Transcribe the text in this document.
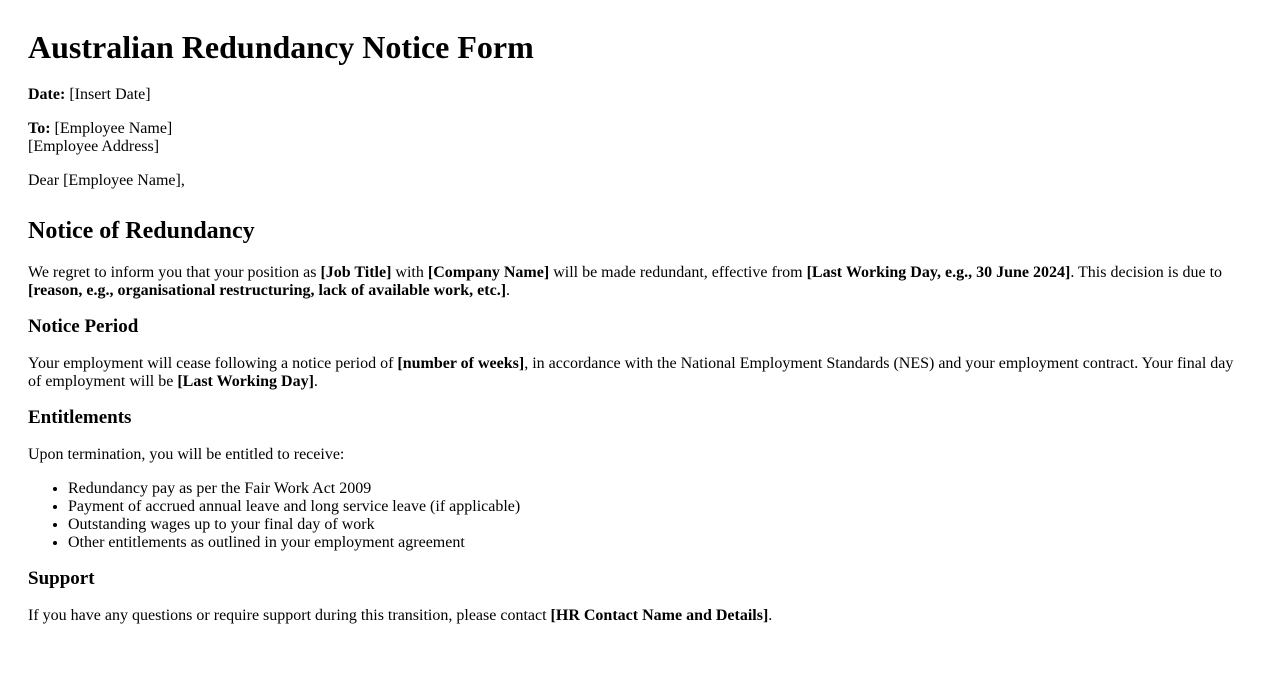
Australian Redundancy Notice Form

Date: [Insert Date]

To: [Employee Name]
[Employee Address]

Dear [Employee Name],

Notice of Redundancy

We regret to inform you that your position as [Job Title] with [Company Name] will be made redundant, effective from [Last Working Day, e.g., 30 June 2024]. This decision is due to [reason, e.g., organisational restructuring, lack of available work, etc.].

Notice Period

Your employment will cease following a notice period of [number of weeks], in accordance with the National Employment Standards (NES) and your employment contract. Your final day of employment will be [Last Working Day].

Entitlements

Upon termination, you will be entitled to receive:

• Redundancy pay as per the Fair Work Act 2009
• Payment of accrued annual leave and long service leave (if applicable)
• Outstanding wages up to your final day of work
• Other entitlements as outlined in your employment agreement
Support

If you have any questions or require support during this transition, please contact [HR Contact Name and Details].
